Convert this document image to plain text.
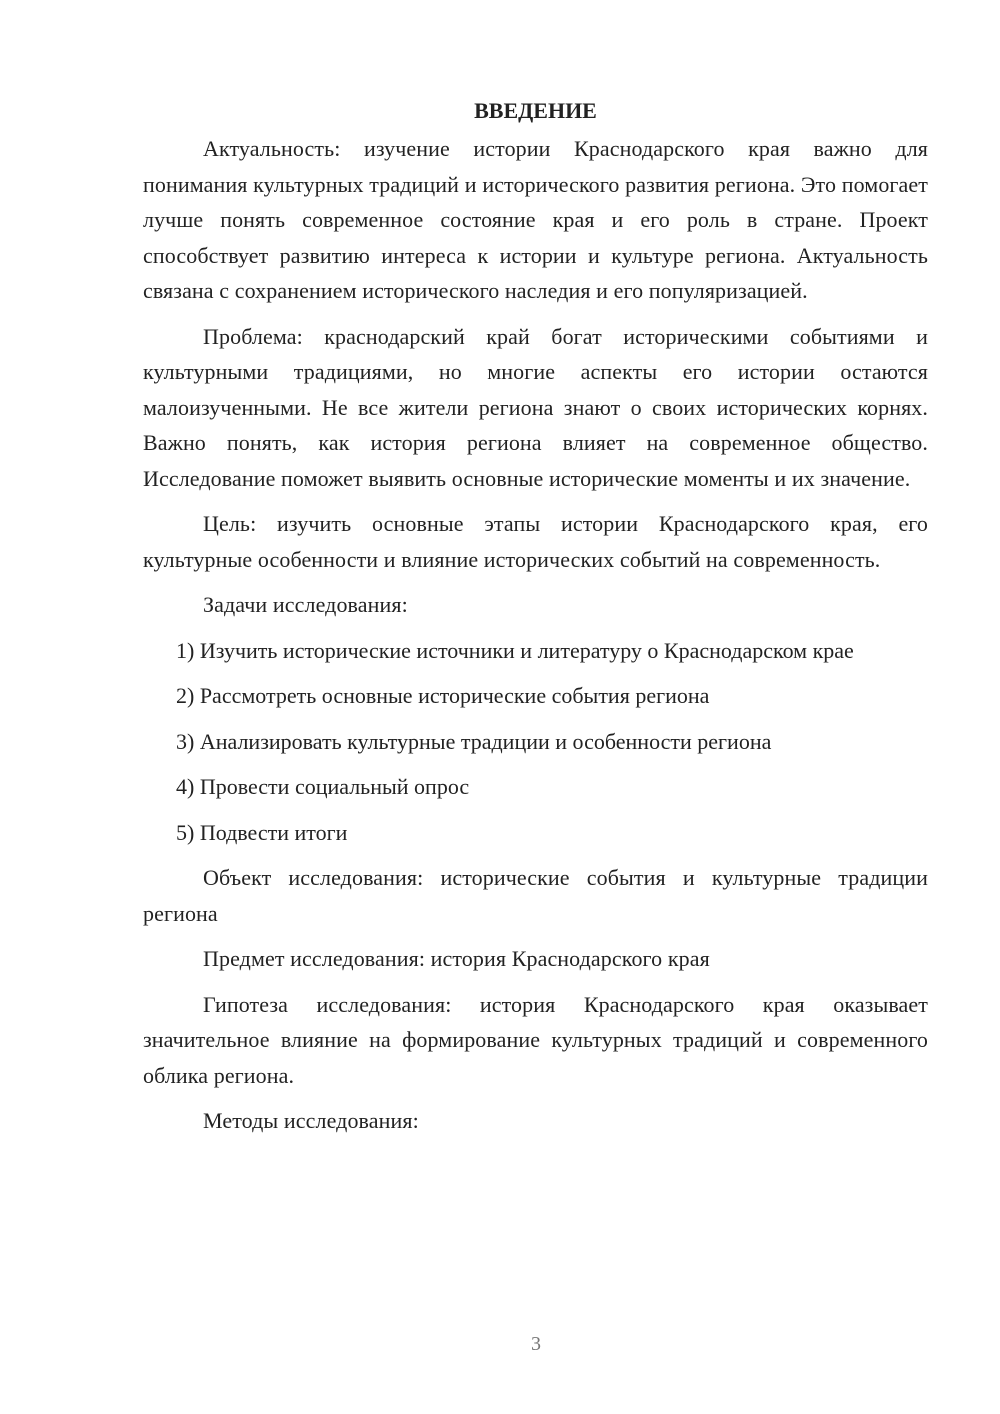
ВВЕДЕНИЕ

Актуальность: изучение истории Краснодарского края важно для понимания культурных традиций и исторического развития региона. Это помогает лучше понять современное состояние края и его роль в стране. Проект способствует развитию интереса к истории и культуре региона. Актуальность связана с сохранением исторического наследия и его популяризацией.

Проблема: краснодарский край богат историческими событиями и культурными традициями, но многие аспекты его истории остаются малоизученными. Не все жители региона знают о своих исторических корнях. Важно понять, как история региона влияет на современное общество. Исследование поможет выявить основные исторические моменты и их значение.

Цель: изучить основные этапы истории Краснодарского края, его культурные особенности и влияние исторических событий на современность.

Задачи исследования:

1) Изучить исторические источники и литературу о Краснодарском крае

2) Рассмотреть основные исторические события региона

3) Анализировать культурные традиции и особенности региона

4) Провести социальный опрос

5) Подвести итоги

Объект исследования: исторические события и культурные традиции региона

Предмет исследования: история Краснодарского края

Гипотеза исследования: история Краснодарского края оказывает значительное влияние на формирование культурных традиций и современного облика региона.

Методы исследования:

3
